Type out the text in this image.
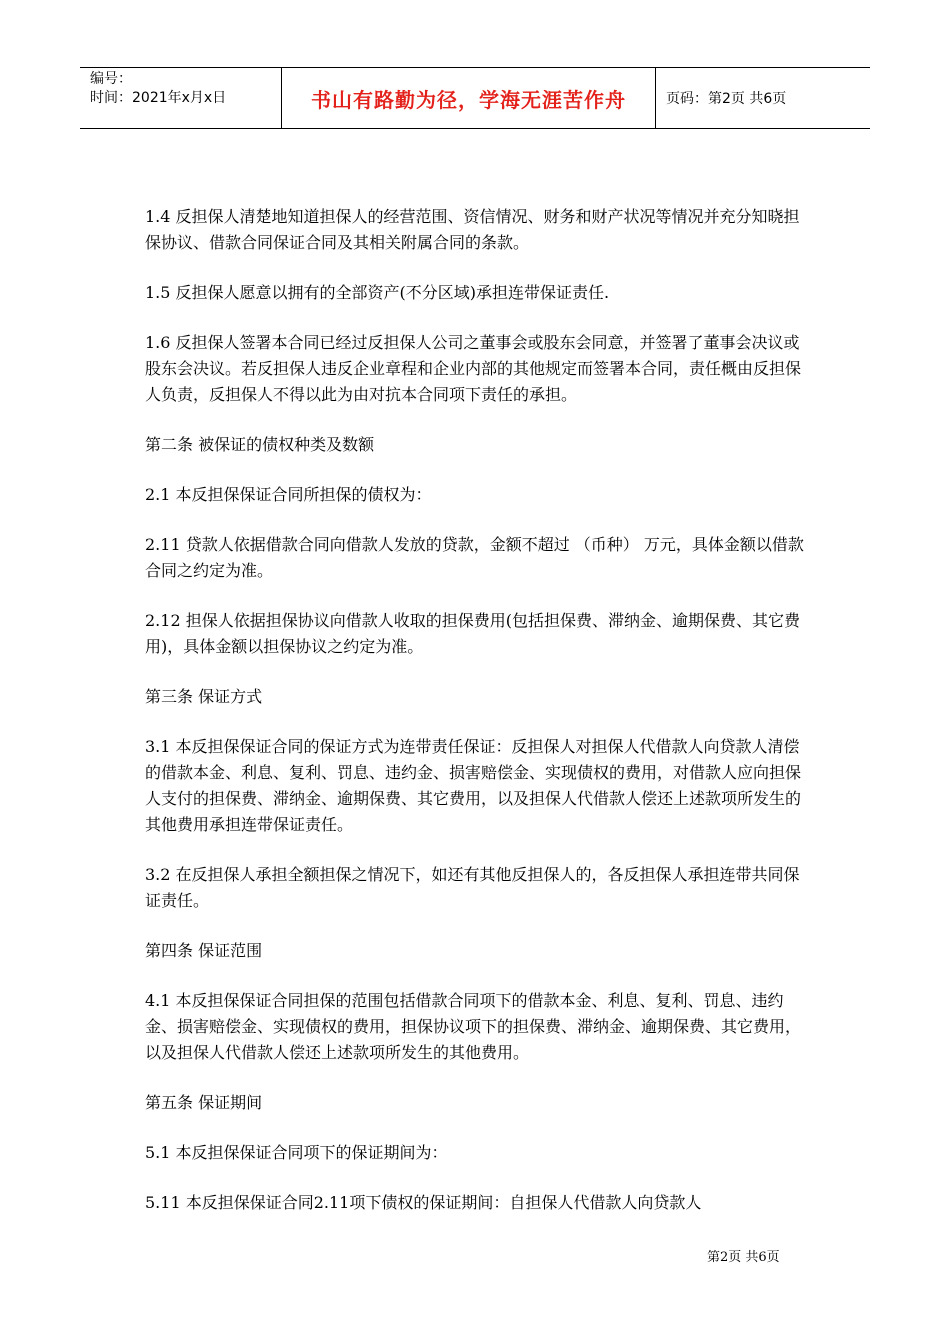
编号：
时间：2021年x月x日	书山有路勤为径，学海无涯苦作舟	页码：第2页 共6页

1.4 反担保人清楚地知道担保人的经营范围、资信情况、财务和财产状况等情况并充分知晓担保协议、借款合同保证合同及其相关附属合同的条款。

1.5 反担保人愿意以拥有的全部资产(不分区域)承担连带保证责任.

1.6 反担保人签署本合同已经过反担保人公司之董事会或股东会同意，并签署了董事会决议或股东会决议。若反担保人违反企业章程和企业内部的其他规定而签署本合同，责任概由反担保人负责，反担保人不得以此为由对抗本合同项下责任的承担。

第二条 被保证的债权种类及数额

2.1 本反担保保证合同所担保的债权为：

2.11 贷款人依据借款合同向借款人发放的贷款，金额不超过 （币种） 万元，具体金额以借款合同之约定为准。

2.12 担保人依据担保协议向借款人收取的担保费用(包括担保费、滞纳金、逾期保费、其它费用)，具体金额以担保协议之约定为准。

第三条 保证方式

3.1 本反担保保证合同的保证方式为连带责任保证：反担保人对担保人代借款人向贷款人清偿的借款本金、利息、复利、罚息、违约金、损害赔偿金、实现债权的费用，对借款人应向担保人支付的担保费、滞纳金、逾期保费、其它费用，以及担保人代借款人偿还上述款项所发生的其他费用承担连带保证责任。

3.2 在反担保人承担全额担保之情况下，如还有其他反担保人的，各反担保人承担连带共同保证责任。

第四条 保证范围

4.1 本反担保保证合同担保的范围包括借款合同项下的借款本金、利息、复利、罚息、违约金、损害赔偿金、实现债权的费用，担保协议项下的担保费、滞纳金、逾期保费、其它费用，以及担保人代借款人偿还上述款项所发生的其他费用。

第五条 保证期间

5.1 本反担保保证合同项下的保证期间为：

5.11 本反担保保证合同2.11项下债权的保证期间：自担保人代借款人向贷款人

第2页 共6页
